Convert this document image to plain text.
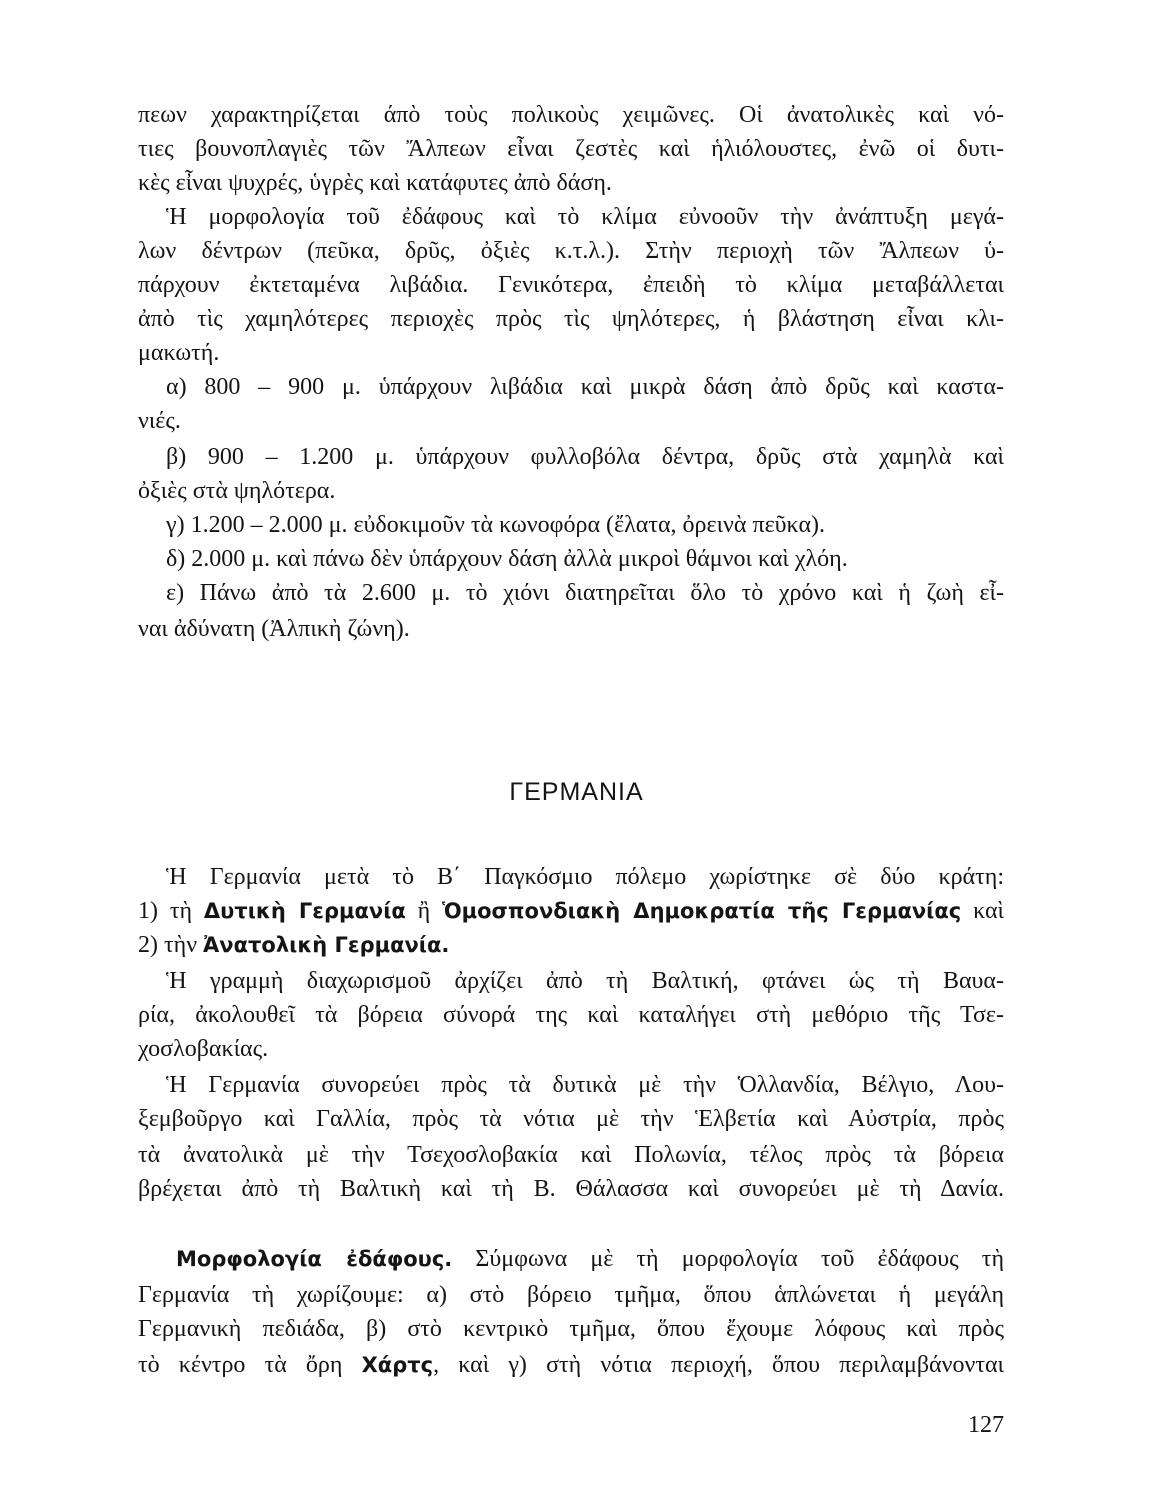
πεων χαρακτηρίζεται άπὸ τοὺς πολικοὺς χειμῶνες. Οἱ ἀνατολικὲς καὶ νό-
τιες βουνοπλαγιὲς τῶν Ἄλπεων εἶναι ζεστὲς καὶ ἡλιόλουστες, ἐνῶ οἱ δυτι-
κὲς εἶναι ψυχρές, ὑγρὲς καὶ κατάφυτες ἀπὸ δάση.
Ἡ μορφολογία τοῦ ἐδάφους καὶ τὸ κλίμα εὐνοοῦν τὴν ἀνάπτυξη μεγά-
λων δέντρων (πεῦκα, δρῦς, ὀξιὲς κ.τ.λ.). Στὴν περιοχὴ τῶν Ἄλπεων ὑ-
πάρχουν ἐκτεταμένα λιβάδια. Γενικότερα, ἐπειδὴ τὸ κλίμα μεταβάλλεται
ἀπὸ τὶς χαμηλότερες περιοχὲς πρὸς τὶς ψηλότερες, ἡ βλάστηση εἶναι κλι-
μακωτή.
α) 800 – 900 μ. ὑπάρχουν λιβάδια καὶ μικρὰ δάση ἀπὸ δρῦς καὶ καστα-
νιές.
β) 900 – 1.200 μ. ὑπάρχουν φυλλοβόλα δέντρα, δρῦς στὰ χαμηλὰ καὶ
ὀξιὲς στὰ ψηλότερα.
γ) 1.200 – 2.000 μ. εὐδοκιμοῦν τὰ κωνοφόρα (ἔλατα, ὀρεινὰ πεῦκα).
δ) 2.000 μ. καὶ πάνω δὲν ὑπάρχουν δάση ἀλλὰ μικροὶ θάμνοι καὶ χλόη.
ε) Πάνω ἀπὸ τὰ 2.600 μ. τὸ χιόνι διατηρεῖται ὅλο τὸ χρόνο καὶ ἡ ζωὴ εἶ-
ναι ἀδύνατη (Ἀλπικὴ ζώνη).
ΓΕΡΜΑΝΙΑ
Ἡ Γερμανία μετὰ τὸ Β΄ Παγκόσμιο πόλεμο χωρίστηκε σὲ δύο κράτη:
1) τὴ Δυτικὴ Γερμανία ἢ Ὁμοσπονδιακὴ Δημοκρατία τῆς Γερμανίας καὶ
2) τὴν Ἀνατολικὴ Γερμανία.
Ἡ γραμμὴ διαχωρισμοῦ ἀρχίζει ἀπὸ τὴ Βαλτική, φτάνει ὡς τὴ Βαυα-
ρία, ἀκολουθεῖ τὰ βόρεια σύνορά της καὶ καταλήγει στὴ μεθόριο τῆς Τσε-
χοσλοβακίας.
Ἡ Γερμανία συνορεύει πρὸς τὰ δυτικὰ μὲ τὴν Ὁλλανδία, Βέλγιο, Λου-
ξεμβοῦργο καὶ Γαλλία, πρὸς τὰ νότια μὲ τὴν Ἑλβετία καὶ Αὐστρία, πρὸς
τὰ ἀνατολικὰ μὲ τὴν Τσεχοσλοβακία καὶ Πολωνία, τέλος πρὸς τὰ βόρεια
βρέχεται ἀπὸ τὴ Βαλτικὴ καὶ τὴ Β. Θάλασσα καὶ συνορεύει μὲ τὴ Δανία.
Μορφολογία ἐδάφους. Σύμφωνα μὲ τὴ μορφολογία τοῦ ἐδάφους τὴ
Γερμανία τὴ χωρίζουμε: α) στὸ βόρειο τμῆμα, ὅπου ἁπλώνεται ἡ μεγάλη
Γερμανικὴ πεδιάδα, β) στὸ κεντρικὸ τμῆμα, ὅπου ἔχουμε λόφους καὶ πρὸς
τὸ κέντρο τὰ ὄρη Χάρτς, καὶ γ) στὴ νότια περιοχή, ὅπου περιλαμβάνονται
127
